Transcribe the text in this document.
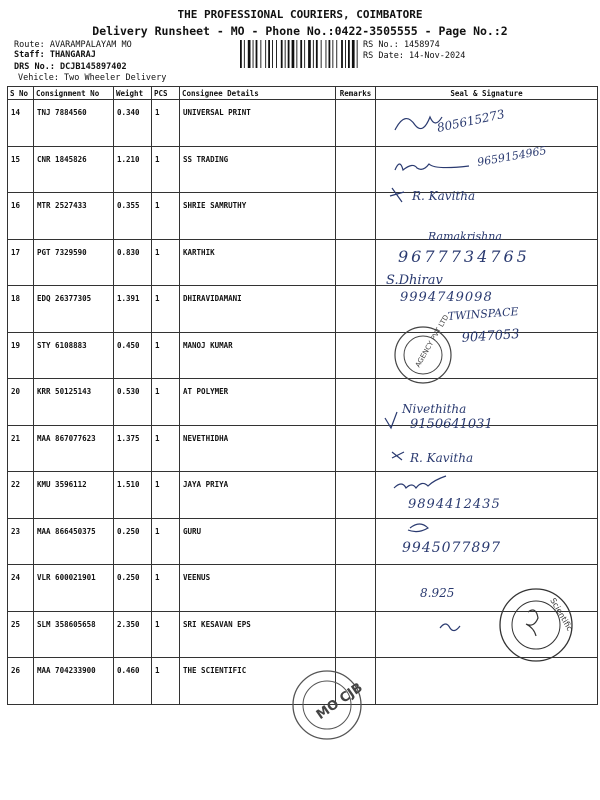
THE PROFESSIONAL COURIERS, COIMBATORE
Delivery Runsheet - MO - Phone No.:0422-3505555 - Page No.:2
Route: AVARAMPALAYAM MO
Staff: THANGARAJ
DRS No.: DCJB145897402
Vehicle: Two Wheeler Delivery
RS No.: 1458974
RS Date: 14-Nov-2024
S No	Consignment No	Weight	PCS	Consignee Details	Remarks	Seal & Signature
14	TNJ 7884560	0.340	1	UNIVERSAL PRINT		
15	CNR 1845826	1.210	1	SS TRADING		
16	MTR 2527433	0.355	1	SHRIE SAMRUTHY		
17	PGT 7329590	0.830	1	KARTHIK		
18	EDQ 26377305	1.391	1	DHIRAVIDAMANI		
19	STY 6108883	0.450	1	MANOJ KUMAR		
20	KRR 50125143	0.530	1	AT POLYMER		
21	MAA 867077623	1.375	1	NEVETHIDHA		
22	KMU 3596112	1.510	1	JAYA PRIYA		
23	MAA 866450375	0.250	1	GURU		
24	VLR 600021901	0.250	1	VEENUS		
25	SLM 358605658	2.350	1	SRI KESAVAN EPS		
26	MAA 704233900	0.460	1	THE SCIENTIFIC		
805615273
9659154965
R. Kavitha
Ramakrishna
9677734765
S.Dhirav
9994749098
TWINSPACE
9047053
Nivethitha
9150641031
R. Kavitha
9894412435
9945077897
8.925
AGENCY PVT LTD
Scientific
MO CJB
